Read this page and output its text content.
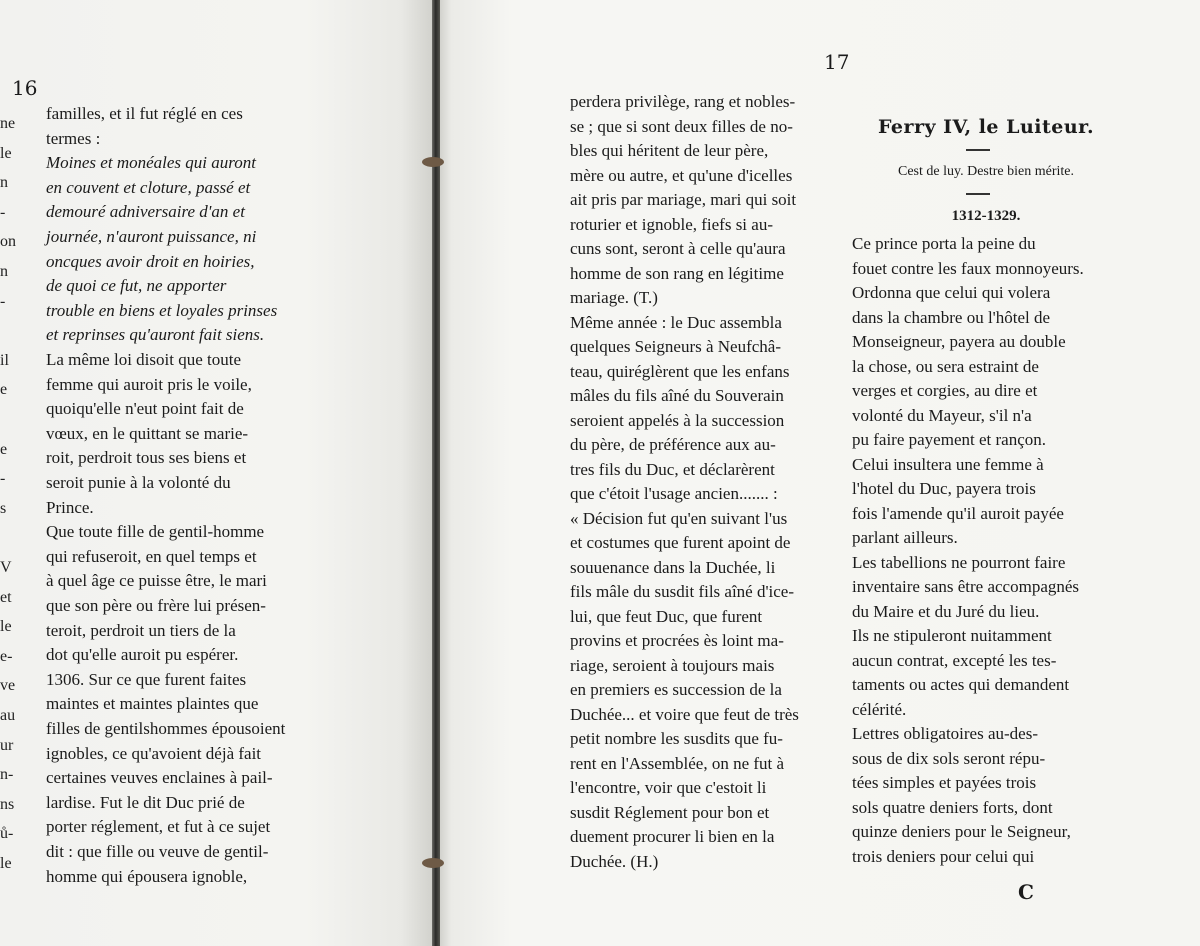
16
ne
le
n
-
on
n
-
il
e
e
-
s
V
et
le
e-
ve
au
ur
n-
ns
ů-
le
familles, et il fut réglé en ces
termes :
Moines et monéales qui auront
en couvent et cloture, passé et
demouré adniversaire d'an et
journée, n'auront puissance, ni
oncques avoir droit en hoiries,
de quoi ce fut, ne apporter
trouble en biens et loyales prinses
et reprinses qu'auront fait siens.
La même loi disoit que toute
femme qui auroit pris le voile,
quoiqu'elle n'eut point fait de
vœux, en le quittant se marie-
roit, perdroit tous ses biens et
seroit punie à la volonté du
Prince.
Que toute fille de gentil-homme
qui refuseroit, en quel temps et
à quel âge ce puisse être, le mari
que son père ou frère lui présen-
teroit, perdroit un tiers de la
dot qu'elle auroit pu espérer.
1306. Sur ce que furent faites
maintes et maintes plaintes que
filles de gentilshommes épousoient
ignobles, ce qu'avoient déjà fait
certaines veuves enclaines à pail-
lardise. Fut le dit Duc prié de
porter réglement, et fut à ce sujet
dit : que fille ou veuve de gentil-
homme qui épousera ignoble,
17
perdera privilège, rang et nobles-
se ; que si sont deux filles de no-
bles qui héritent de leur père,
mère ou autre, et qu'une d'icelles
ait pris par mariage, mari qui soit
roturier et ignoble, fiefs si au-
cuns sont, seront à celle qu'aura
homme de son rang en légitime
mariage. (T.)
Même année : le Duc assembla
quelques Seigneurs à Neufchâ-
teau, quiréglèrent que les enfans
mâles du fils aîné du Souverain
seroient appelés à la succession
du père, de préférence aux au-
tres fils du Duc, et déclarèrent
que c'étoit l'usage ancien....... :
« Décision fut qu'en suivant l'us
et costumes que furent apoint de
souuenance dans la Duchée, li
fils mâle du susdit fils aîné d'ice-
lui, que feut Duc, que furent
provins et procrées ès loint ma-
riage, seroient à toujours mais
en premiers es succession de la
Duchée... et voire que feut de très
petit nombre les susdits que fu-
rent en l'Assemblée, on ne fut à
l'encontre, voir que c'estoit li
susdit Réglement pour bon et
duement procurer li bien en la
Duchée. (H.)
Ferry IV, le Luiteur.
Cest de luy. Destre bien mérite.
1312-1329.
Ce prince porta la peine du
fouet contre les faux monnoyeurs.
Ordonna que celui qui volera
dans la chambre ou l'hôtel de
Monseigneur, payera au double
la chose, ou sera estraint de
verges et corgies, au dire et
volonté du Mayeur, s'il n'a
pu faire payement et rançon.
Celui insultera une femme à
l'hotel du Duc, payera trois
fois l'amende qu'il auroit payée
parlant ailleurs.
Les tabellions ne pourront faire
inventaire sans être accompagnés
du Maire et du Juré du lieu.
Ils ne stipuleront nuitamment
aucun contrat, excepté les tes-
taments ou actes qui demandent
célérité.
Lettres obligatoires au-des-
sous de dix sols seront répu-
tées simples et payées trois
sols quatre deniers forts, dont
quinze deniers pour le Seigneur,
trois deniers pour celui qui
C
